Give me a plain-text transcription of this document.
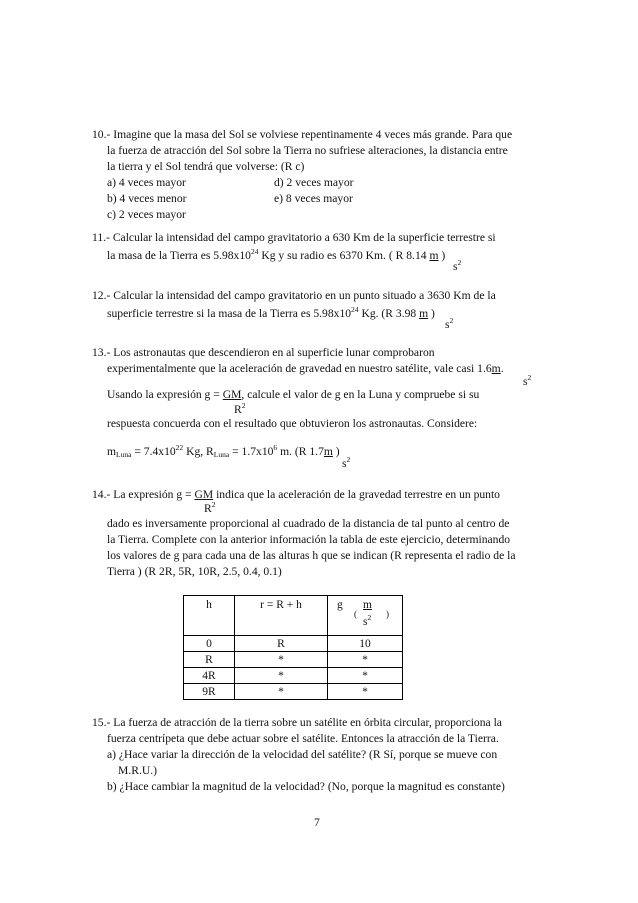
10.- Imagine que la masa del Sol se volviese repentinamente 4 veces más grande. Para que
la fuerza de atracción del Sol sobre la Tierra no sufriese alteraciones, la distancia entre
la tierra y el Sol tendrá que volverse: (R c)
a) 4 veces mayor
b) 4 veces menor
c) 2 veces mayor
d) 2 veces mayor
e) 8 veces mayor
11.- Calcular la intensidad del campo gravitatorio a 630 Km de la superficie terrestre si
la masa de la Tierra es $5.98x10^{24}$ Kg y su radio es 6370 Km. ( R 8.14 m )
$s^2$
12.- Calcular la intensidad del campo gravitatorio en un punto situado a 3630 Km de la
superficie terrestre si la masa de la Tierra es $5.98x10^{24}$ Kg. (R 3.98 m )
$s^2$
13.- Los astronautas que descendieron en al superficie lunar comprobaron
experimentalmente que la aceleración de gravedad en nuestro satélite, vale casi 1.6m.
$s^2$
Usando la expresión g = GM, calcule el valor de g en la Luna y compruebe si su
$R^2$
respuesta concuerda con el resultado que obtuvieron los astronautas. Considere:
$m_{Luna} = 7.4x10^{22}$ Kg, $R_{Luna} = 1.7x10^6$ m. (R 1.7m )
$s^2$
14.- La expresión g = GM indica que la aceleración de la gravedad terrestre en un punto
$R^2$
dado es inversamente proporcional al cuadrado de la distancia de tal punto al centro de
la Tierra. Complete con la anterior información la tabla de este ejercicio, determinando
los valores de g para cada una de las alturas h que se indican (R representa el radio de la
Tierra ) (R 2R, 5R, 10R, 2.5, 0.4, 0.1)
h	r = R + h	g
(
m
$s^2$ )

0	R	10
R	*	*
4R	*	*
9R	*	*
15.- La fuerza de atracción de la tierra sobre un satélite en órbita circular, proporciona la
fuerza centrípeta que debe actuar sobre el satélite. Entonces la atracción de la Tierra.
a) ¿Hace variar la dirección de la velocidad del satélite? (R Sí, porque se mueve con
M.R.U.)
b) ¿Hace cambiar la magnitud de la velocidad? (No, porque la magnitud es constante)
7
